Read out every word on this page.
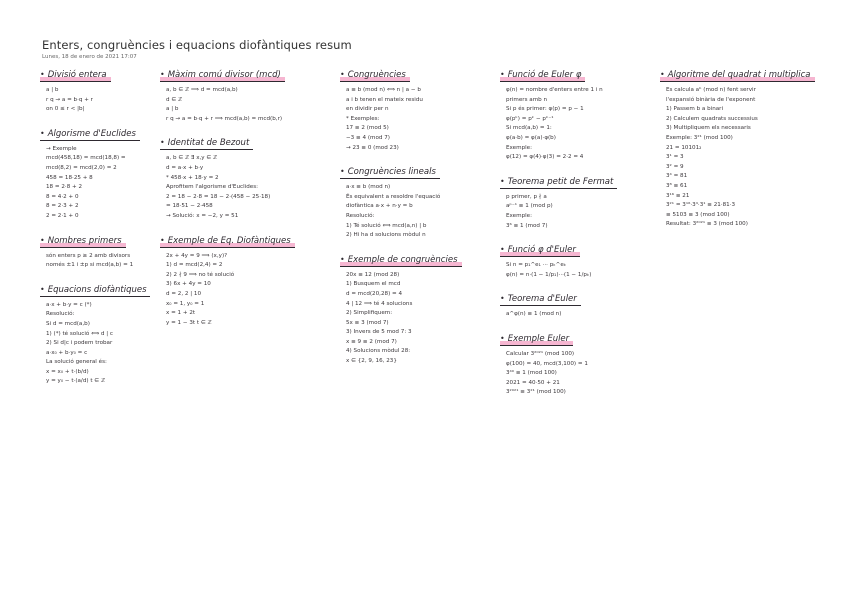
Enters, congruències i equacions diofàntiques resum
Lunes, 18 de enero de 2021 17:07
• Divisió entera
a | b
r q → a = b·q + r
on 0 ≤ r < |b|
• Algorisme d'Euclides
→ Exemple
mcd(458,18) = mcd(18,8) =
mcd(8,2) = mcd(2,0) = 2
458 = 18·25 + 8
18 = 2·8 + 2
8 = 4·2 + 0
8 = 2·3 + 2
2 = 2·1 + 0
• Nombres primers
són enters p ≥ 2 amb divisors
només ±1 i ±p si mcd(a,b) = 1
• Equacions diofàntiques
a·x + b·y = c (*)
Resolució:
Si d = mcd(a,b)
1) (*) té solució ⟺ d | c
2) Si d|c i podem trobar
a·x₀ + b·y₀ = c
La solució general és:
x = x₀ + t·(b/d)
y = y₀ − t·(a/d) t ∈ ℤ
• Màxim comú divisor (mcd)
a, b ∈ ℤ ⟹ d = mcd(a,b)
d ∈ ℤ
a | b
r q → a = b·q + r ⟹ mcd(a,b) = mcd(b,r)
• Identitat de Bezout
a, b ∈ ℤ ∃ x,y ∈ ℤ
d = a·x + b·y
* 458·x + 18·y = 2
Aprofitem l'algorisme d'Euclides:
2 = 18 − 2·8 = 18 − 2·(458 − 25·18)
= 18·51 − 2·458
→ Solució: x = −2, y = 51
• Exemple de Eq. Diofàntiques
2x + 4y = 9 ⟹ (x,y)?
1) d = mcd(2,4) = 2
2) 2 ∤ 9 ⟹ no té solució
3) 6x + 4y = 10
d = 2, 2 | 10
x₀ = 1, y₀ = 1
x = 1 + 2t
y = 1 − 3t t ∈ ℤ
• Congruències
a ≡ b (mod n) ⟺ n | a − b
a i b tenen el mateix residu
en dividir per n
* Exemples:
17 ≡ 2 (mod 5)
−3 ≡ 4 (mod 7)
→ 23 ≡ 0 (mod 23)
• Congruències lineals
a·x ≡ b (mod n)
És equivalent a resoldre l'equació
diofàntica a·x + n·y = b
Resolució:
1) Té solució ⟺ mcd(a,n) | b
2) Hi ha d solucions mòdul n
• Exemple de congruències
20x ≡ 12 (mod 28)
1) Busquem el mcd
d = mcd(20,28) = 4
4 | 12 ⟹ té 4 solucions
2) Simplifiquem:
5x ≡ 3 (mod 7)
3) Invers de 5 mod 7: 3
x ≡ 9 ≡ 2 (mod 7)
4) Solucions mòdul 28:
x ∈ {2, 9, 16, 23}
• Funció de Euler φ
φ(n) = nombre d'enters entre 1 i n
primers amb n
Si p és primer: φ(p) = p − 1
φ(pᵏ) = pᵏ − pᵏ⁻¹
Si mcd(a,b) = 1:
φ(a·b) = φ(a)·φ(b)
Exemple:
φ(12) = φ(4)·φ(3) = 2·2 = 4
• Teorema petit de Fermat
p primer, p ∤ a
aᵖ⁻¹ ≡ 1 (mod p)
Exemple:
3⁶ ≡ 1 (mod 7)
• Funció φ d'Euler
Si n = p₁^e₁ ··· pₖ^eₖ
φ(n) = n·(1 − 1/p₁)···(1 − 1/pₖ)
• Teorema d'Euler
a^φ(n) ≡ 1 (mod n)
• Exemple Euler
Calcular 3²⁰²¹ (mod 100)
φ(100) = 40, mcd(3,100) = 1
3⁴⁰ ≡ 1 (mod 100)
2021 = 40·50 + 21
3²⁰²¹ ≡ 3²¹ (mod 100)
• Algoritme del quadrat i multiplica
Es calcula aᵇ (mod n) fent servir
l'expansió binària de l'exponent
1) Passem b a binari
2) Calculem quadrats successius
3) Multipliquem els necessaris
Exemple: 3²¹ (mod 100)
21 = 10101₂
3¹ = 3
3² = 9
3⁴ = 81
3⁸ ≡ 61
3¹⁶ ≡ 21
3²¹ = 3¹⁶·3⁴·3¹ ≡ 21·81·3
≡ 5103 ≡ 3 (mod 100)
Resultat: 3²⁰²¹ ≡ 3 (mod 100)
